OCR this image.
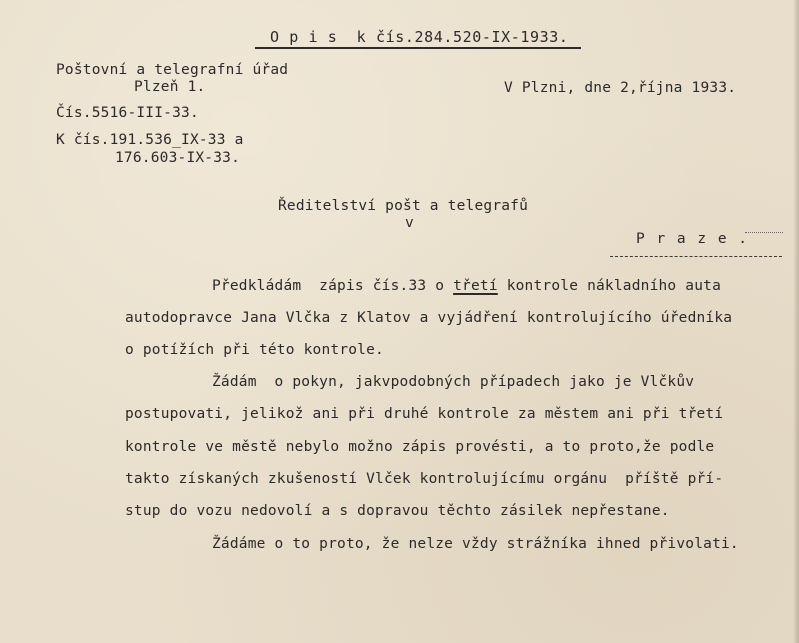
O p i s  k čís.284.520-IX-1933.
Poštovní a telegrafní úřad
Plzeň 1.
Čís.5516-III-33.
K čís.191.536_IX-33 a
176.603-IX-33.
V Plzni, dne 2,října 1933.
Ředitelství pošt a telegrafů
v
P r a z e .
Předkládám  zápis čís.33 o třetí kontrole nákladního auta
autodopravce Jana Vlčka z Klatov a vyjádření kontrolujícího úředníka
o potížích při této kontrole.
Žádám  o pokyn, jakvpodobných případech jako je Vlčkův
postupovati, jelikož ani při druhé kontrole za městem ani při třetí
kontrole ve městě nebylo možno zápis provésti, a to proto,že podle
takto získaných zkušeností Vlček kontrolujícímu orgánu  příště pří-
stup do vozu nedovolí a s dopravou těchto zásilek nepřestane.
Žádáme o to proto, že nelze vždy strážníka ihned přivolati.
